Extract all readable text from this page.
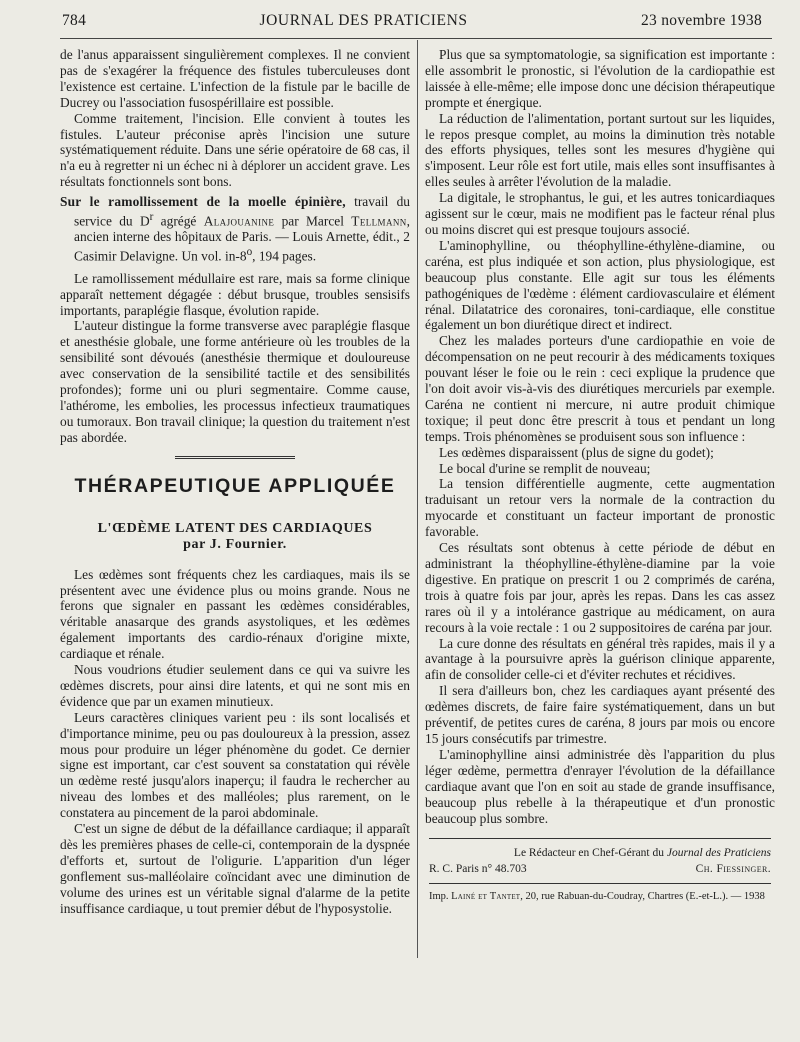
784	JOURNAL DES PRATICIENS	23 novembre 1938

de l'anus apparaissent singulièrement complexes. Il ne convient pas de s'exagérer la fréquence des fistules tuberculeuses dont l'existence est certaine. L'infection de la fistule par le bacille de Ducrey ou l'association fusospérillaire est possible.

Comme traitement, l'incision. Elle convient à toutes les fistules. L'auteur préconise après l'incision une suture systématiquement réduite. Dans une série opératoire de 68 cas, il n'a eu à regretter ni un échec ni à déplorer un accident grave. Les résultats fonctionnels sont bons.

Sur le ramollissement de la moelle épinière, travail du service du $D^r$ agrégé Alajouanine par Marcel Tellmann, ancien interne des hôpitaux de Paris. — Louis Arnette, édit., 2 Casimir Delavigne. Un vol. in-8$^o$, 194 pages.

Le ramollissement médullaire est rare, mais sa forme clinique apparaît nettement dégagée : début brusque, troubles sensisifs importants, paraplégie flasque, évolution rapide.

L'auteur distingue la forme transverse avec paraplégie flasque et anesthésie globale, une forme antérieure où les troubles de la sensibilité sont dévoués (anesthésie thermique et douloureuse avec conservation de la sensibilité tactile et des sensibilités profondes); forme uni ou pluri segmentaire. Comme cause, l'athérome, les embolies, les processus infectieux traumatiques ou tumoraux. Bon travail clinique; la question du traitement n'est pas abordée.

THÉRAPEUTIQUE APPLIQUÉE
L'ŒDÈME LATENT DES CARDIAQUES
par J. Fournier.

Les œdèmes sont fréquents chez les cardiaques, mais ils se présentent avec une évidence plus ou moins grande. Nous ne ferons que signaler en passant les œdèmes considérables, véritable anasarque des grands asystoliques, et les œdèmes également importants des cardio-rénaux d'origine mixte, cardiaque et rénale.

Nous voudrions étudier seulement dans ce qui va suivre les œdèmes discrets, pour ainsi dire latents, et qui ne sont mis en évidence que par un examen minutieux.

Leurs caractères cliniques varient peu : ils sont localisés et d'importance minime, peu ou pas douloureux à la pression, assez mous pour produire un léger phénomène du godet. Ce dernier signe est important, car c'est souvent sa constatation qui révèle un œdème resté jusqu'alors inaperçu; il faudra le rechercher au niveau des lombes et des malléoles; plus rarement, on le constatera au pincement de la paroi abdominale.

C'est un signe de début de la défaillance cardiaque; il apparaît dès les premières phases de celle-ci, contemporain de la dyspnée d'efforts et, surtout de l'oligurie. L'apparition d'un léger gonflement sus-malléolaire coïncidant avec une diminution de volume des urines est un véritable signal d'alarme de la petite insuffisance cardiaque, u tout premier début de l'hyposystolie.

Plus que sa symptomatologie, sa signification est importante : elle assombrit le pronostic, si l'évolution de la cardiopathie est laissée à elle-même; elle impose donc une décision thérapeutique prompte et énergique.

La réduction de l'alimentation, portant surtout sur les liquides, le repos presque complet, au moins la diminution très notable des efforts physiques, telles sont les mesures d'hygiène qui s'imposent. Leur rôle est fort utile, mais elles sont insuffisantes à elles seules à arrêter l'évolution de la maladie.

La digitale, le strophantus, le gui, et les autres tonicardiaques agissent sur le cœur, mais ne modifient pas le facteur rénal plus ou moins discret qui est presque toujours associé.

L'aminophylline, ou théophylline-éthylène-diamine, ou caréna, est plus indiquée et son action, plus physiologique, est beaucoup plus constante. Elle agit sur tous les éléments pathogéniques de l'œdème : élément cardiovasculaire et élément rénal. Dilatatrice des coronaires, toni-cardiaque, elle constitue également un bon diurétique direct et indirect.

Chez les malades porteurs d'une cardiopathie en voie de décompensation on ne peut recourir à des médicaments toxiques pouvant léser le foie ou le rein : ceci explique la prudence que l'on doit avoir vis-à-vis des diurétiques mercuriels par exemple. Caréna ne contient ni mercure, ni autre produit chimique toxique; il peut donc être prescrit à tous et pendant un long temps. Trois phénomènes se produisent sous son influence :

Les œdèmes disparaissent (plus de signe du godet);

Le bocal d'urine se remplit de nouveau;

La tension différentielle augmente, cette augmentation traduisant un retour vers la normale de la contraction du myocarde et constituant un facteur important de pronostic favorable.

Ces résultats sont obtenus à cette période de début en administrant la théophylline-éthylène-diamine par la voie digestive. En pratique on prescrit 1 ou 2 comprimés de caréna, trois à quatre fois par jour, après les repas. Dans les cas assez rares où il y a intolérance gastrique au médicament, on aura recours à la voie rectale : 1 ou 2 suppositoires de caréna par jour.

La cure donne des résultats en général très rapides, mais il y a avantage à la poursuivre après la guérison clinique apparente, afin de consolider celle-ci et d'éviter rechutes et récidives.

Il sera d'ailleurs bon, chez les cardiaques ayant présenté des œdèmes discrets, de faire faire systématiquement, dans un but préventif, de petites cures de caréna, 8 jours par mois ou encore 15 jours consécutifs par trimestre.

L'aminophylline ainsi administrée dès l'apparition du plus léger œdème, permettra d'enrayer l'évolution de la défaillance cardiaque avant que l'on en soit au stade de grande insuffisance, beaucoup plus rebelle à la thérapeutique et d'un pronostic beaucoup plus sombre.

Le Rédacteur en Chef-Gérant du Journal des Praticiens
R. C. Paris n° 48.703	Ch. Fiessinger.
Imp. Lainé et Tantet, 20, rue Rabuan-du-Coudray, Chartres (E.-et-L.). — 1938
